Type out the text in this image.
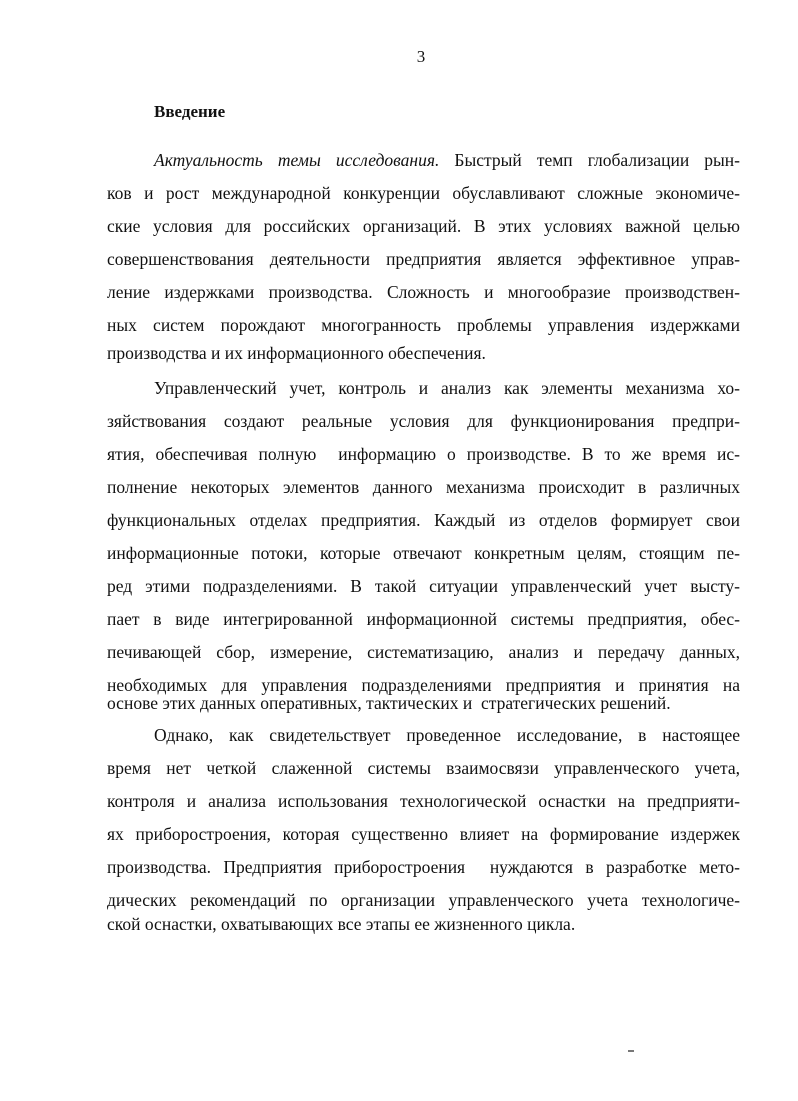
3
Введение
Актуальность темы исследования. Быстрый темп глобализации рын-
ков и рост международной конкуренции обуславливают сложные экономиче-
ские условия для российских организаций. В этих условиях важной целью
совершенствования деятельности предприятия является эффективное управ-
ление издержками производства. Сложность и многообразие производствен-
ных систем порождают многогранность проблемы управления издержками
производства и их информационного обеспечения.
Управленческий учет, контроль и анализ как элементы механизма хо-
зяйствования создают реальные условия для функционирования предпри-
ятия, обеспечивая полную  информацию о производстве. В то же время ис-
полнение некоторых элементов данного механизма происходит в различных
функциональных отделах предприятия. Каждый из отделов формирует свои
информационные потоки, которые отвечают конкретным целям, стоящим пе-
ред этими подразделениями. В такой ситуации управленческий учет высту-
пает в виде интегрированной информационной системы предприятия, обес-
печивающей сбор, измерение, систематизацию, анализ и передачу данных,
необходимых для управления подразделениями предприятия и принятия на
основе этих данных оперативных, тактических и  стратегических решений.
Однако, как свидетельствует проведенное исследование, в настоящее
время нет четкой слаженной системы взаимосвязи управленческого учета,
контроля и анализа использования технологической оснастки на предприяти-
ях приборостроения, которая существенно влияет на формирование издержек
производства. Предприятия приборостроения  нуждаются в разработке мето-
дических рекомендаций по организации управленческого учета технологиче-
ской оснастки, охватывающих все этапы ее жизненного цикла.
